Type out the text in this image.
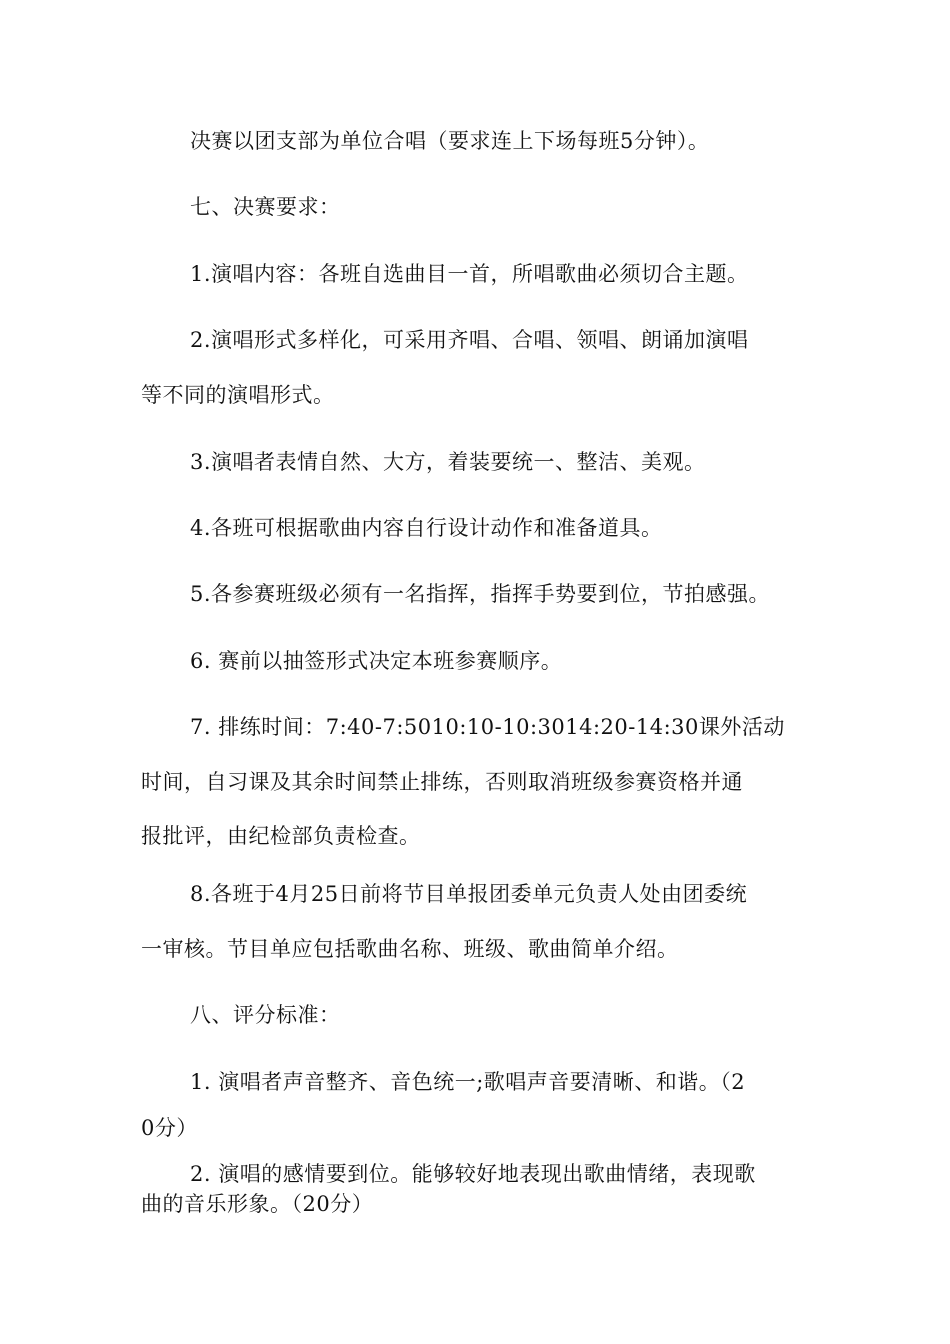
决赛以团支部为单位合唱（要求连上下场每班5分钟）。
七、决赛要求：
1.演唱内容：各班自选曲目一首，所唱歌曲必须切合主题。
2.演唱形式多样化，可采用齐唱、合唱、领唱、朗诵加演唱
等不同的演唱形式。
3.演唱者表情自然、大方，着装要统一、整洁、美观。
4.各班可根据歌曲内容自行设计动作和准备道具。
5.各参赛班级必须有一名指挥，指挥手势要到位，节拍感强。
6. 赛前以抽签形式决定本班参赛顺序。
7. 排练时间：7:40-7:5010:10-10:3014:20-14:30课外活动
时间，自习课及其余时间禁止排练，否则取消班级参赛资格并通
报批评，由纪检部负责检查。
8.各班于4月25日前将节目单报团委单元负责人处由团委统
一审核。节目单应包括歌曲名称、班级、歌曲简单介绍。
八、评分标准：
1. 演唱者声音整齐、音色统一;歌唱声音要清晰、和谐。（2
0分）
2. 演唱的感情要到位。能够较好地表现出歌曲情绪，表现歌
曲的音乐形象。（20分）
